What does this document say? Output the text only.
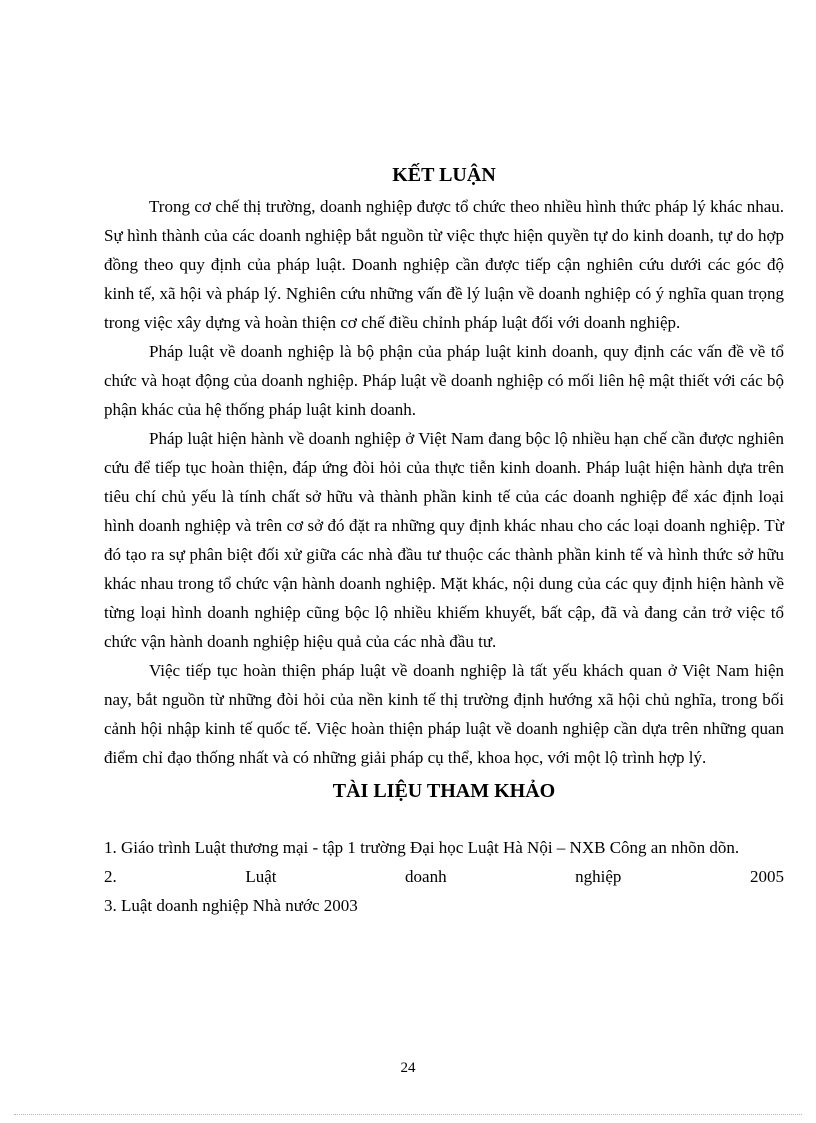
KẾT LUẬN

Trong cơ chế thị trường, doanh nghiệp được tổ chức theo nhiều hình thức pháp lý khác nhau. Sự hình thành của các doanh nghiệp bắt nguồn từ việc thực hiện quyền tự do kinh doanh, tự do hợp đồng theo quy định của pháp luật. Doanh nghiệp cần được tiếp cận nghiên cứu dưới các góc độ kinh tế, xã hội và pháp lý. Nghiên cứu những vấn đề lý luận về doanh nghiệp có ý nghĩa quan trọng trong việc xây dựng và hoàn thiện cơ chế điều chỉnh pháp luật đối với doanh nghiệp.

Pháp luật về doanh nghiệp là bộ phận của pháp luật kinh doanh, quy định các vấn đề về tổ chức và hoạt động của doanh nghiệp. Pháp luật về doanh nghiệp có mối liên hệ mật thiết với các bộ phận khác của hệ thống pháp luật kinh doanh.

Pháp luật hiện hành về doanh nghiệp ở Việt Nam đang bộc lộ nhiều hạn chế cần được nghiên cứu để tiếp tục hoàn thiện, đáp ứng đòi hỏi của thực tiễn kinh doanh. Pháp luật hiện hành dựa trên tiêu chí chủ yếu là tính chất sở hữu và thành phần kinh tế của các doanh nghiệp để xác định loại hình doanh nghiệp và trên cơ sở đó đặt ra những quy định khác nhau cho các loại doanh nghiệp. Từ đó tạo ra sự phân biệt đối xử giữa các nhà đầu tư thuộc các thành phần kinh tế và hình thức sở hữu khác nhau trong tổ chức vận hành doanh nghiệp. Mặt khác, nội dung của các quy định hiện hành về từng loại hình doanh nghiệp cũng bộc lộ nhiều khiếm khuyết, bất cập, đã và đang cản trở việc tổ chức vận hành doanh nghiệp hiệu quả của các nhà đầu tư.

Việc tiếp tục hoàn thiện pháp luật về doanh nghiệp là tất yếu khách quan ở Việt Nam hiện nay, bắt nguồn từ những đòi hỏi của nền kinh tế thị trường định hướng xã hội chủ nghĩa, trong bối cảnh hội nhập kinh tế quốc tế. Việc hoàn thiện pháp luật về doanh nghiệp cần dựa trên những quan điểm chỉ đạo thống nhất và có những giải pháp cụ thể, khoa học, với một lộ trình hợp lý.

TÀI LIỆU THAM KHẢO

1. Giáo trình Luật thương mại - tập 1 trường Đại học Luật Hà Nội – NXB Công an nhõn dõn.

2.	Luật	doanh	nghiệp	2005

3. Luật doanh nghiệp Nhà nước 2003

24
